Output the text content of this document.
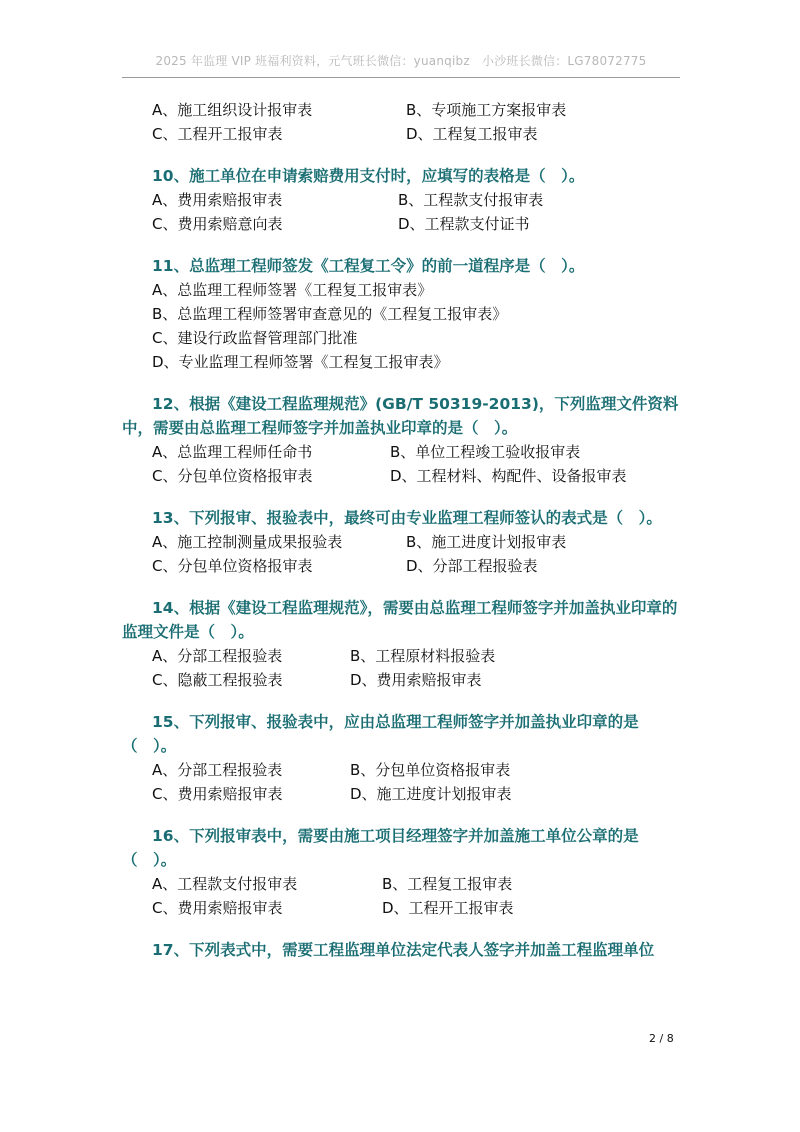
2025 年监理 VIP 班福利资料，元气班长微信：yuanqibz　小沙班长微信：LG78072775
A、施工组织设计报审表	B、专项施工方案报审表
C、工程开工报审表	D、工程复工报审表
10、施工单位在申请索赔费用支付时，应填写的表格是（　）。
A、费用索赔报审表	B、工程款支付报审表
C、费用索赔意向表	D、工程款支付证书
11、总监理工程师签发《工程复工令》的前一道程序是（　）。
A、总监理工程师签署《工程复工报审表》
B、总监理工程师签署审查意见的《工程复工报审表》
C、建设行政监督管理部门批准
D、专业监理工程师签署《工程复工报审表》
12、根据《建设工程监理规范》(GB/T 50319-2013)，下列监理文件资料中，需要由总监理工程师签字并加盖执业印章的是（　）。
A、总监理工程师任命书	B、单位工程竣工验收报审表
C、分包单位资格报审表	D、工程材料、构配件、设备报审表
13、下列报审、报验表中，最终可由专业监理工程师签认的表式是（　）。
A、施工控制测量成果报验表	B、施工进度计划报审表
C、分包单位资格报审表	D、分部工程报验表
14、根据《建设工程监理规范》，需要由总监理工程师签字并加盖执业印章的监理文件是（　）。
A、分部工程报验表	B、工程原材料报验表
C、隐蔽工程报验表	D、费用索赔报审表
15、下列报审、报验表中，应由总监理工程师签字并加盖执业印章的是（　）。
A、分部工程报验表	B、分包单位资格报审表
C、费用索赔报审表	D、施工进度计划报审表
16、下列报审表中，需要由施工项目经理签字并加盖施工单位公章的是（　）。
A、工程款支付报审表	B、工程复工报审表
C、费用索赔报审表	D、工程开工报审表
17、下列表式中，需要工程监理单位法定代表人签字并加盖工程监理单位
2 / 8
